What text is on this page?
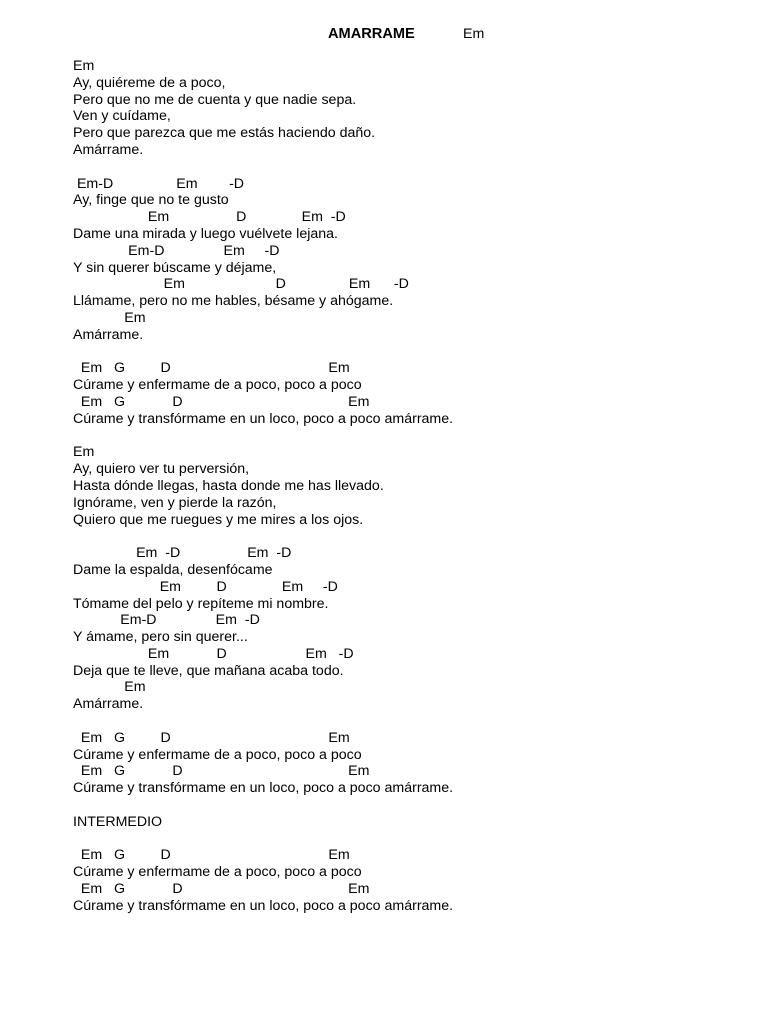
AMARRAME	Em
Em
Ay, quiéreme de a poco,
Pero que no me de cuenta y que nadie sepa.
Ven y cuídame,
Pero que parezca que me estás haciendo daño.
Amárrame.
Em-D                Em        -D
Ay, finge que no te gusto
Em                 D              Em  -D
Dame una mirada y luego vuélvete lejana.
Em-D               Em     -D
Y sin querer búscame y déjame,
Em                       D                Em      -D
Llámame, pero no me hables, bésame y ahógame.
Em
Amárrame.
Em   G         D                                        Em
Cúrame y enfermame de a poco, poco a poco
Em   G            D                                          Em
Cúrame y transfórmame en un loco, poco a poco amárrame.
Em
Ay, quiero ver tu perversión,
Hasta dónde llegas, hasta donde me has llevado.
Ignórame, ven y pierde la razón,
Quiero que me ruegues y me mires a los ojos.
Em  -D                 Em  -D
Dame la espalda, desenfócame
Em         D              Em     -D
Tómame del pelo y repíteme mi nombre.
Em-D               Em  -D
Y ámame, pero sin querer...
Em            D                    Em   -D
Deja que te lleve, que mañana acaba todo.
Em
Amárrame.
Em   G         D                                        Em
Cúrame y enfermame de a poco, poco a poco
Em   G            D                                          Em
Cúrame y transfórmame en un loco, poco a poco amárrame.
INTERMEDIO
Em   G         D                                        Em
Cúrame y enfermame de a poco, poco a poco
Em   G            D                                          Em
Cúrame y transfórmame en un loco, poco a poco amárrame.
